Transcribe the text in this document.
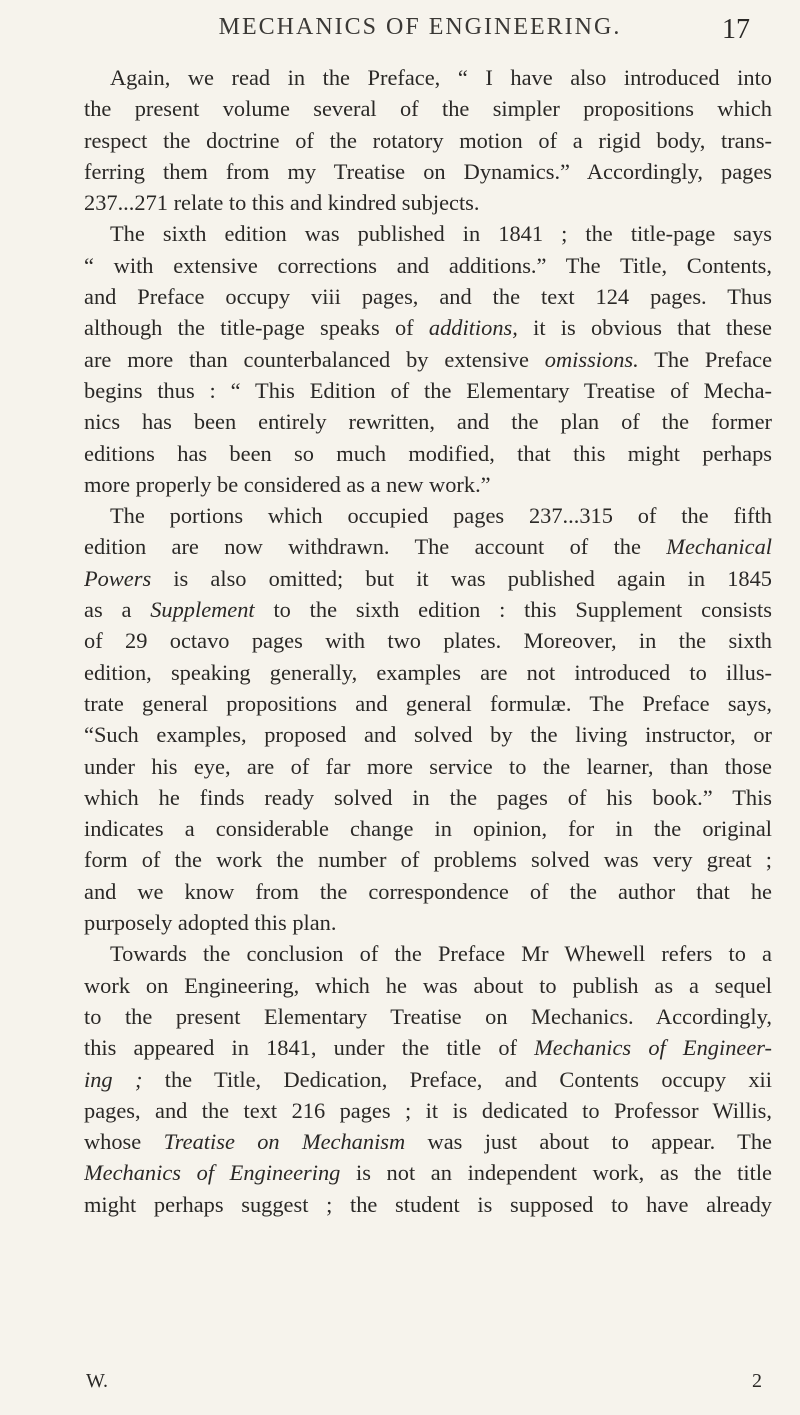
MECHANICS OF ENGINEERING.	17
Again, we read in the Preface, “ I have also introduced into
the present volume several of the simpler propositions which
respect the doctrine of the rotatory motion of a rigid body, trans-
ferring them from my Treatise on Dynamics.” Accordingly, pages
237...271 relate to this and kindred subjects.
The sixth edition was published in 1841 ; the title-page says
“ with extensive corrections and additions.” The Title, Contents,
and Preface occupy viii pages, and the text 124 pages. Thus
although the title-page speaks of additions, it is obvious that these
are more than counterbalanced by extensive omissions. The Preface
begins thus : “ This Edition of the Elementary Treatise of Mecha-
nics has been entirely rewritten, and the plan of the former
editions has been so much modified, that this might perhaps
more properly be considered as a new work.”
The portions which occupied pages 237...315 of the fifth
edition are now withdrawn. The account of the Mechanical
Powers is also omitted; but it was published again in 1845
as a Supplement to the sixth edition : this Supplement consists
of 29 octavo pages with two plates. Moreover, in the sixth
edition, speaking generally, examples are not introduced to illus-
trate general propositions and general formulæ. The Preface says,
“Such examples, proposed and solved by the living instructor, or
under his eye, are of far more service to the learner, than those
which he finds ready solved in the pages of his book.” This
indicates a considerable change in opinion, for in the original
form of the work the number of problems solved was very great ;
and we know from the correspondence of the author that he
purposely adopted this plan.
Towards the conclusion of the Preface Mr Whewell refers to a
work on Engineering, which he was about to publish as a sequel
to the present Elementary Treatise on Mechanics. Accordingly,
this appeared in 1841, under the title of Mechanics of Engineer-
ing ; the Title, Dedication, Preface, and Contents occupy xii
pages, and the text 216 pages ; it is dedicated to Professor Willis,
whose Treatise on Mechanism was just about to appear. The
Mechanics of Engineering is not an independent work, as the title
might perhaps suggest ; the student is supposed to have already
W.	2
